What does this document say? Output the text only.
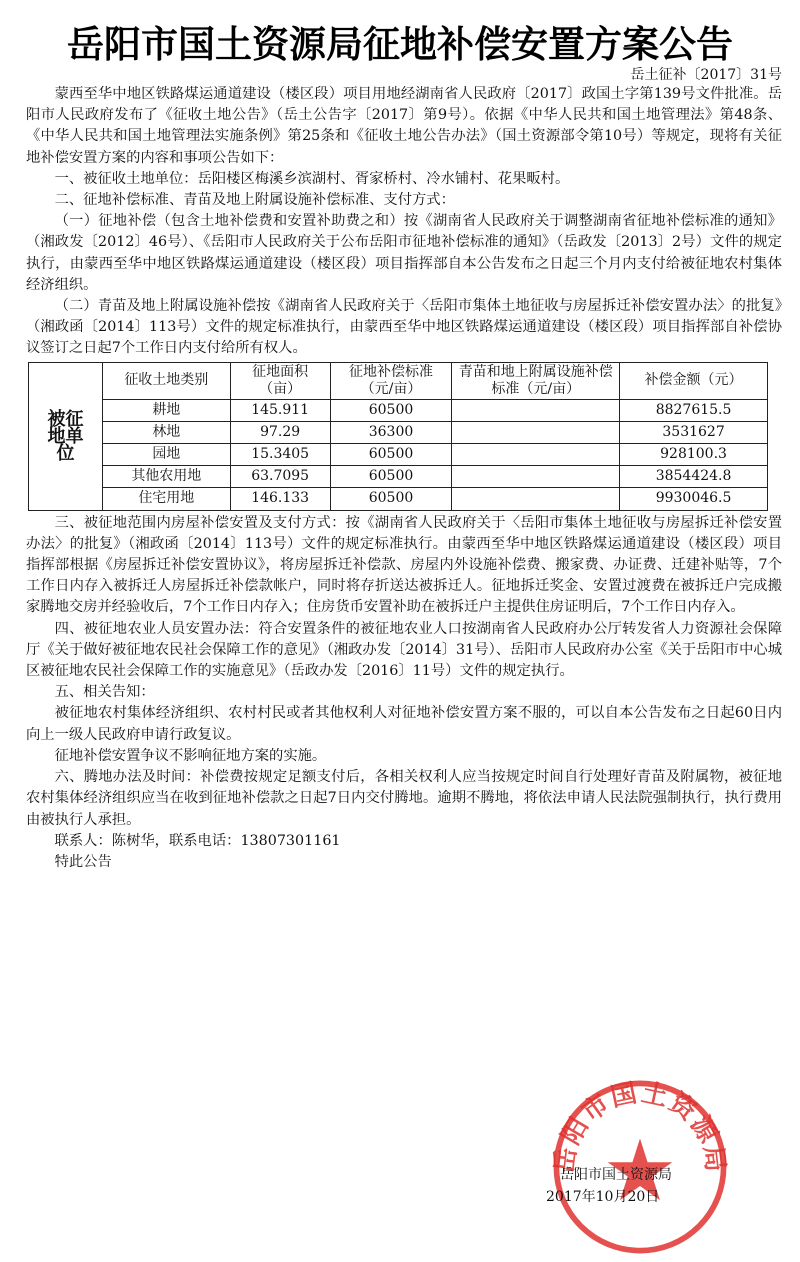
岳阳市国土资源局征地补偿安置方案公告
岳土征补〔2017〕31号

蒙西至华中地区铁路煤运通道建设（楼区段）项目用地经湖南省人民政府〔2017〕政国土字第139号文件批准。岳阳市人民政府发布了《征收土地公告》（岳土公告字〔2017〕第9号）。依据《中华人民共和国土地管理法》第48条、《中华人民共和国土地管理法实施条例》第25条和《征收土地公告办法》（国土资源部令第10号）等规定，现将有关征地补偿安置方案的内容和事项公告如下：

一、被征收土地单位：岳阳楼区梅溪乡滨湖村、胥家桥村、冷水铺村、花果畈村。

二、征地补偿标准、青苗及地上附属设施补偿标准、支付方式：

（一）征地补偿（包含土地补偿费和安置补助费之和）按《湖南省人民政府关于调整湖南省征地补偿标准的通知》（湘政发〔2012〕46号）、《岳阳市人民政府关于公布岳阳市征地补偿标准的通知》（岳政发〔2013〕2号）文件的规定执行，由蒙西至华中地区铁路煤运通道建设（楼区段）项目指挥部自本公告发布之日起三个月内支付给被征地农村集体经济组织。

（二）青苗及地上附属设施补偿按《湖南省人民政府关于〈岳阳市集体土地征收与房屋拆迁补偿安置办法〉的批复》（湘政函〔2014〕113号）文件的规定标准执行，由蒙西至华中地区铁路煤运通道建设（楼区段）项目指挥部自补偿协议签订之日起7个工作日内支付给所有权人。

被征地单位	征收土地类别	征地面积（亩）	征地补偿标准（元/亩）	青苗和地上附属设施补偿标准（元/亩）	补偿金额（元）
	耕地	145.911	60500		8827615.5
	林地	97.29	36300		3531627
	园地	15.3405	60500		928100.3
	其他农用地	63.7095	60500		3854424.8
	住宅用地	146.133	60500		9930046.5

三、被征地范围内房屋补偿安置及支付方式：按《湖南省人民政府关于〈岳阳市集体土地征收与房屋拆迁补偿安置办法〉的批复》（湘政函〔2014〕113号）文件的规定标准执行。由蒙西至华中地区铁路煤运通道建设（楼区段）项目指挥部根据《房屋拆迁补偿安置协议》，将房屋拆迁补偿款、房屋内外设施补偿费、搬家费、办证费、迁建补贴等，7个工作日内存入被拆迁人房屋拆迁补偿款帐户，同时将存折送达被拆迁人。征地拆迁奖金、安置过渡费在被拆迁户完成搬家腾地交房并经验收后，7个工作日内存入；住房货币安置补助在被拆迁户主提供住房证明后，7个工作日内存入。

四、被征地农业人员安置办法：符合安置条件的被征地农业人口按湖南省人民政府办公厅转发省人力资源社会保障厅《关于做好被征地农民社会保障工作的意见》（湘政办发〔2014〕31号）、岳阳市人民政府办公室《关于岳阳市中心城区被征地农民社会保障工作的实施意见》（岳政办发〔2016〕11号）文件的规定执行。

五、相关告知：

被征地农村集体经济组织、农村村民或者其他权利人对征地补偿安置方案不服的，可以自本公告发布之日起60日内向上一级人民政府申请行政复议。

征地补偿安置争议不影响征地方案的实施。

六、腾地办法及时间：补偿费按规定足额支付后，各相关权利人应当按规定时间自行处理好青苗及附属物，被征地农村集体经济组织应当在收到征地补偿款之日起7日内交付腾地。逾期不腾地，将依法申请人民法院强制执行，执行费用由被执行人承担。

联系人：陈树华，联系电话：13807301161

特此公告

岳阳市国土资源局
岳阳市国土资源局
2017年10月20日
